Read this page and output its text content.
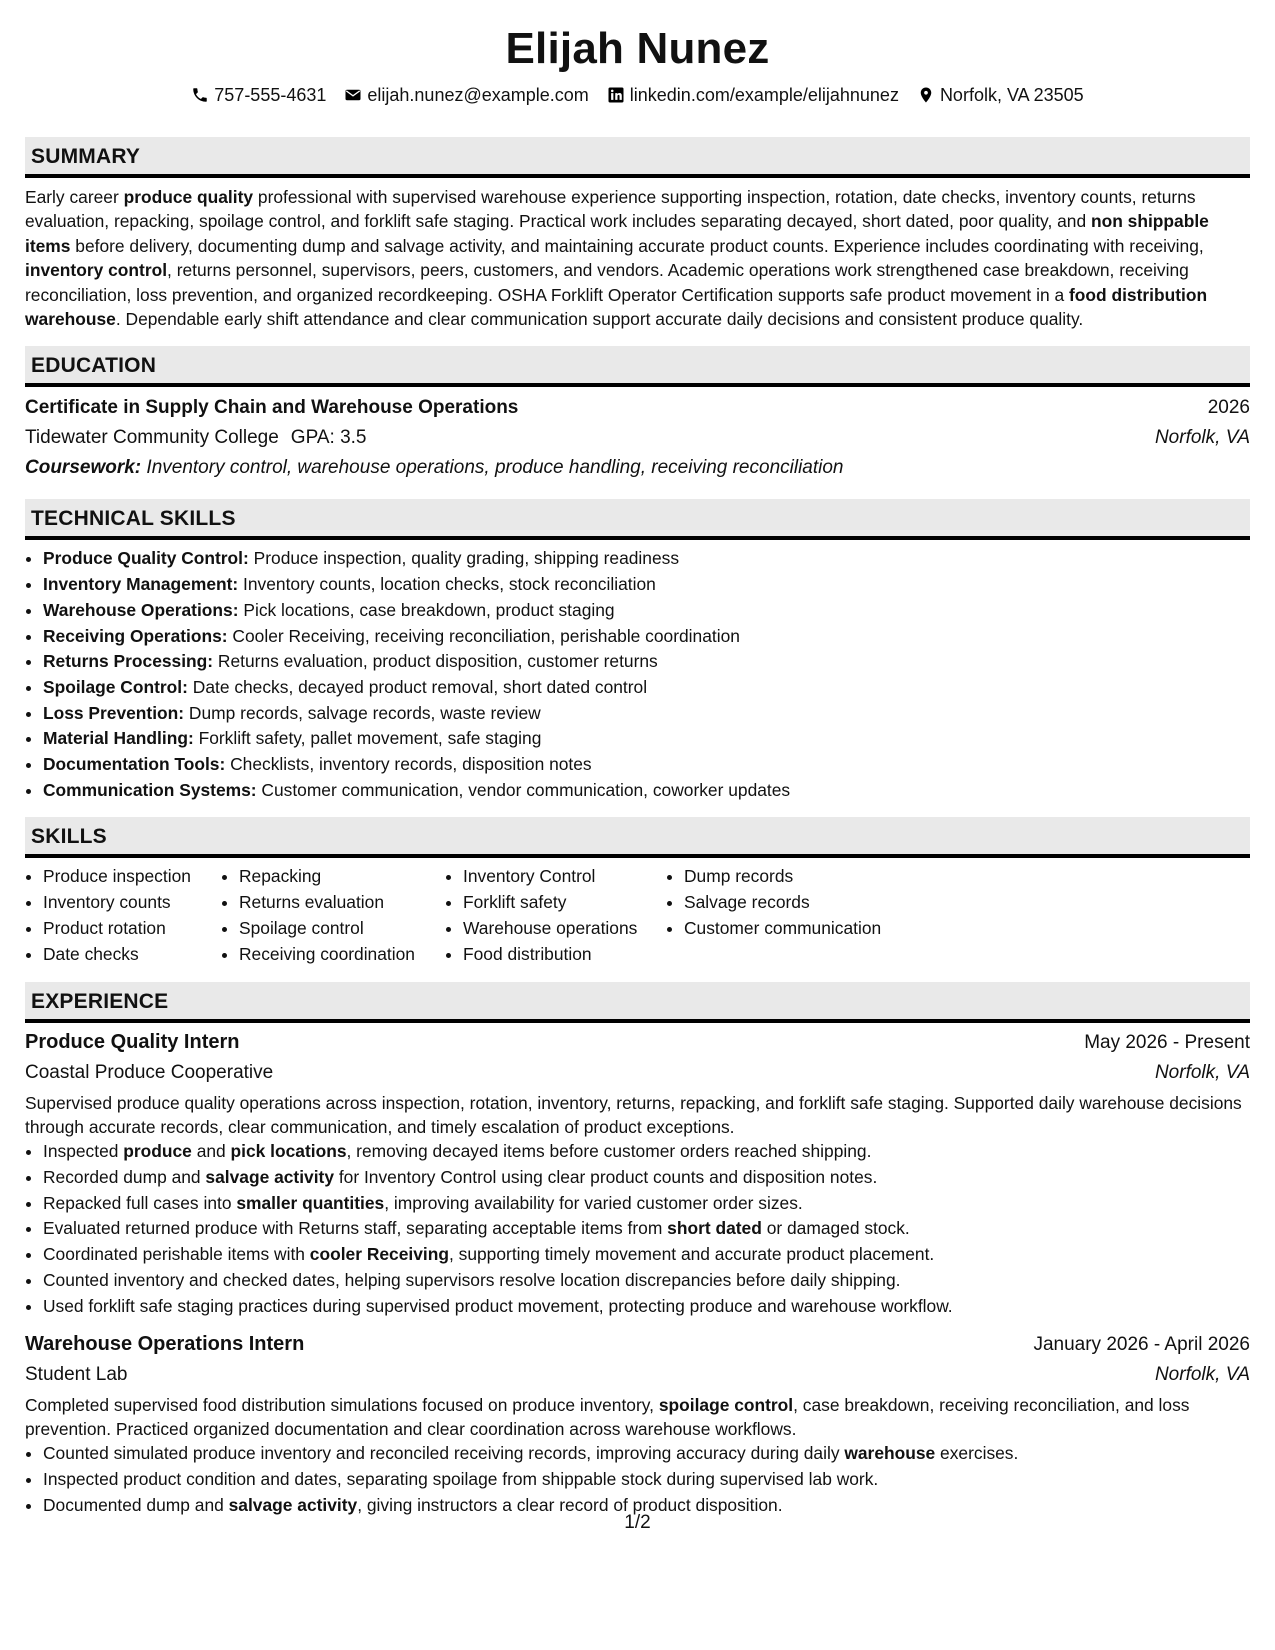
Elijah Nunez
757-555-4631 elijah.nunez@example.com linkedin.com/example/elijahnunez Norfolk, VA 23505
SUMMARY

Early career produce quality professional with supervised warehouse experience supporting inspection, rotation, date checks, inventory counts, returns evaluation, repacking, spoilage control, and forklift safe staging. Practical work includes separating decayed, short dated, poor quality, and non shippable items before delivery, documenting dump and salvage activity, and maintaining accurate product counts. Experience includes coordinating with receiving, inventory control, returns personnel, supervisors, peers, customers, and vendors. Academic operations work strengthened case breakdown, receiving reconciliation, loss prevention, and organized recordkeeping. OSHA Forklift Operator Certification supports safe product movement in a food distribution warehouse. Dependable early shift attendance and clear communication support accurate daily decisions and consistent produce quality.

EDUCATION
Certificate in Supply Chain and Warehouse Operations	2026
Tidewater Community College GPA: 3.5	Norfolk, VA
Coursework: Inventory control, warehouse operations, produce handling, receiving reconciliation
TECHNICAL SKILLS
• Produce Quality Control: Produce inspection, quality grading, shipping readiness
• Inventory Management: Inventory counts, location checks, stock reconciliation
• Warehouse Operations: Pick locations, case breakdown, product staging
• Receiving Operations: Cooler Receiving, receiving reconciliation, perishable coordination
• Returns Processing: Returns evaluation, product disposition, customer returns
• Spoilage Control: Date checks, decayed product removal, short dated control
• Loss Prevention: Dump records, salvage records, waste review
• Material Handling: Forklift safety, pallet movement, safe staging
• Documentation Tools: Checklists, inventory records, disposition notes
• Communication Systems: Customer communication, vendor communication, coworker updates
SKILLS
• Produce inspection
• Inventory counts
• Product rotation
• Date checks
• Repacking
• Returns evaluation
• Spoilage control
• Receiving coordination
• Inventory Control
• Forklift safety
• Warehouse operations
• Food distribution
• Dump records
• Salvage records
• Customer communication
EXPERIENCE
Produce Quality Intern	May 2026 - Present
Coastal Produce Cooperative	Norfolk, VA
Supervised produce quality operations across inspection, rotation, inventory, returns, repacking, and forklift safe staging. Supported daily warehouse decisions through accurate records, clear communication, and timely escalation of product exceptions.
• Inspected produce and pick locations, removing decayed items before customer orders reached shipping.
• Recorded dump and salvage activity for Inventory Control using clear product counts and disposition notes.
• Repacked full cases into smaller quantities, improving availability for varied customer order sizes.
• Evaluated returned produce with Returns staff, separating acceptable items from short dated or damaged stock.
• Coordinated perishable items with cooler Receiving, supporting timely movement and accurate product placement.
• Counted inventory and checked dates, helping supervisors resolve location discrepancies before daily shipping.
• Used forklift safe staging practices during supervised product movement, protecting produce and warehouse workflow.
Warehouse Operations Intern	January 2026 - April 2026
Student Lab	Norfolk, VA
Completed supervised food distribution simulations focused on produce inventory, spoilage control, case breakdown, receiving reconciliation, and loss prevention. Practiced organized documentation and clear coordination across warehouse workflows.
• Counted simulated produce inventory and reconciled receiving records, improving accuracy during daily warehouse exercises.
• Inspected product condition and dates, separating spoilage from shippable stock during supervised lab work.
• Documented dump and salvage activity, giving instructors a clear record of product disposition.
1/2
